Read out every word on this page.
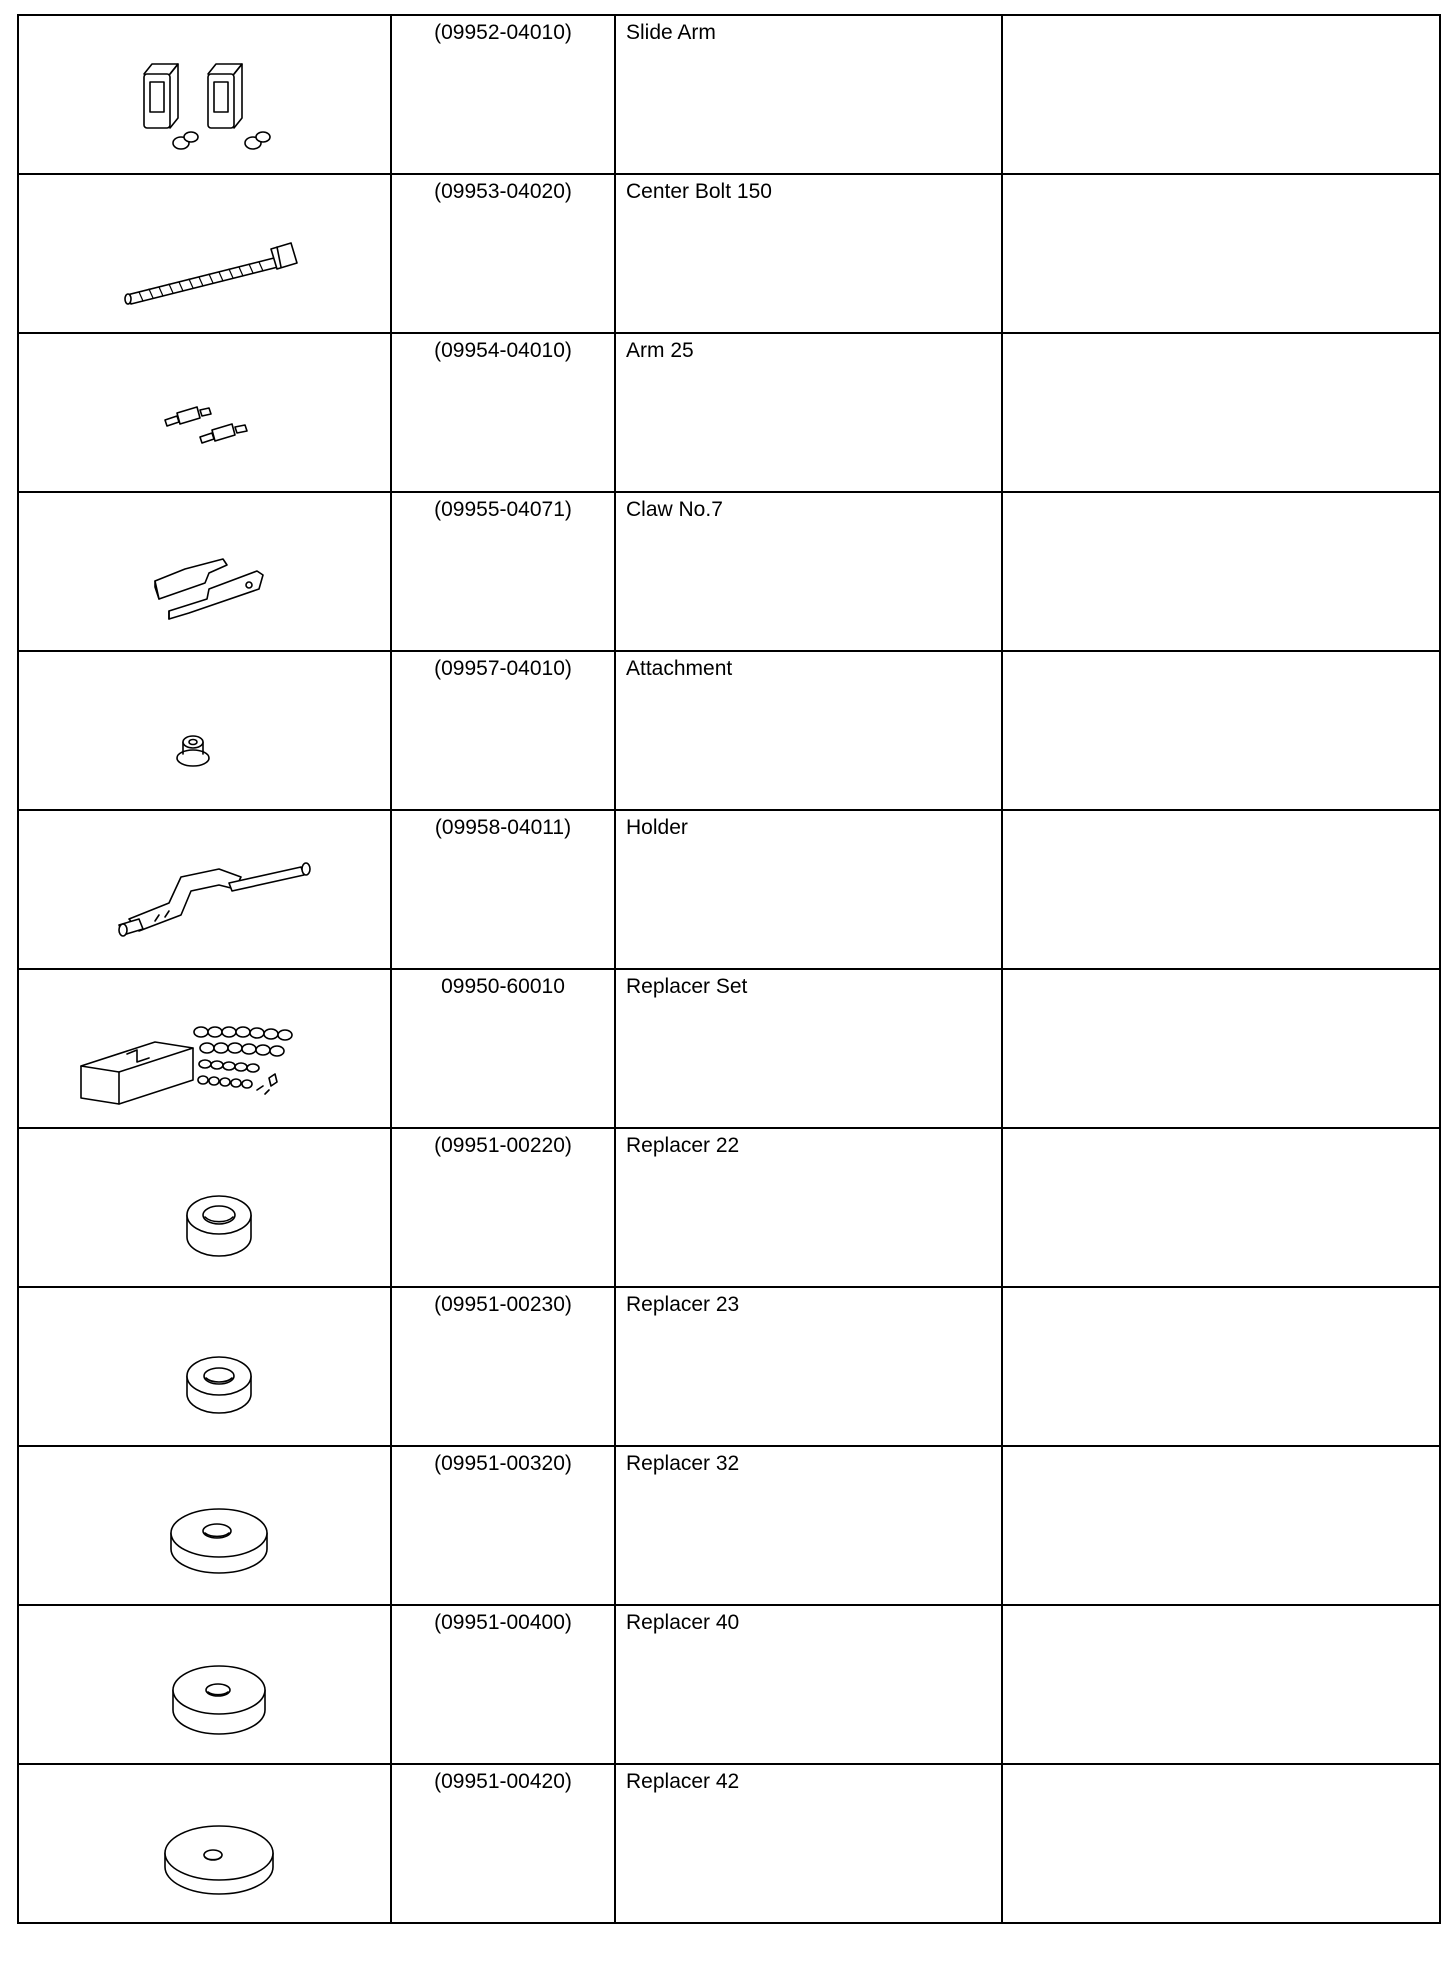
(09952-04010)	Slide Arm	

(09953-04020)	Center Bolt 150	

(09954-04010)	Arm 25	

(09955-04071)	Claw No.7	

(09957-04010)	Attachment	

(09958-04011)	Holder	

09950-60010	Replacer Set	

(09951-00220)	Replacer 22	

(09951-00230)	Replacer 23	

(09951-00320)	Replacer 32	

(09951-00400)	Replacer 40	

(09951-00420)	Replacer 42	
